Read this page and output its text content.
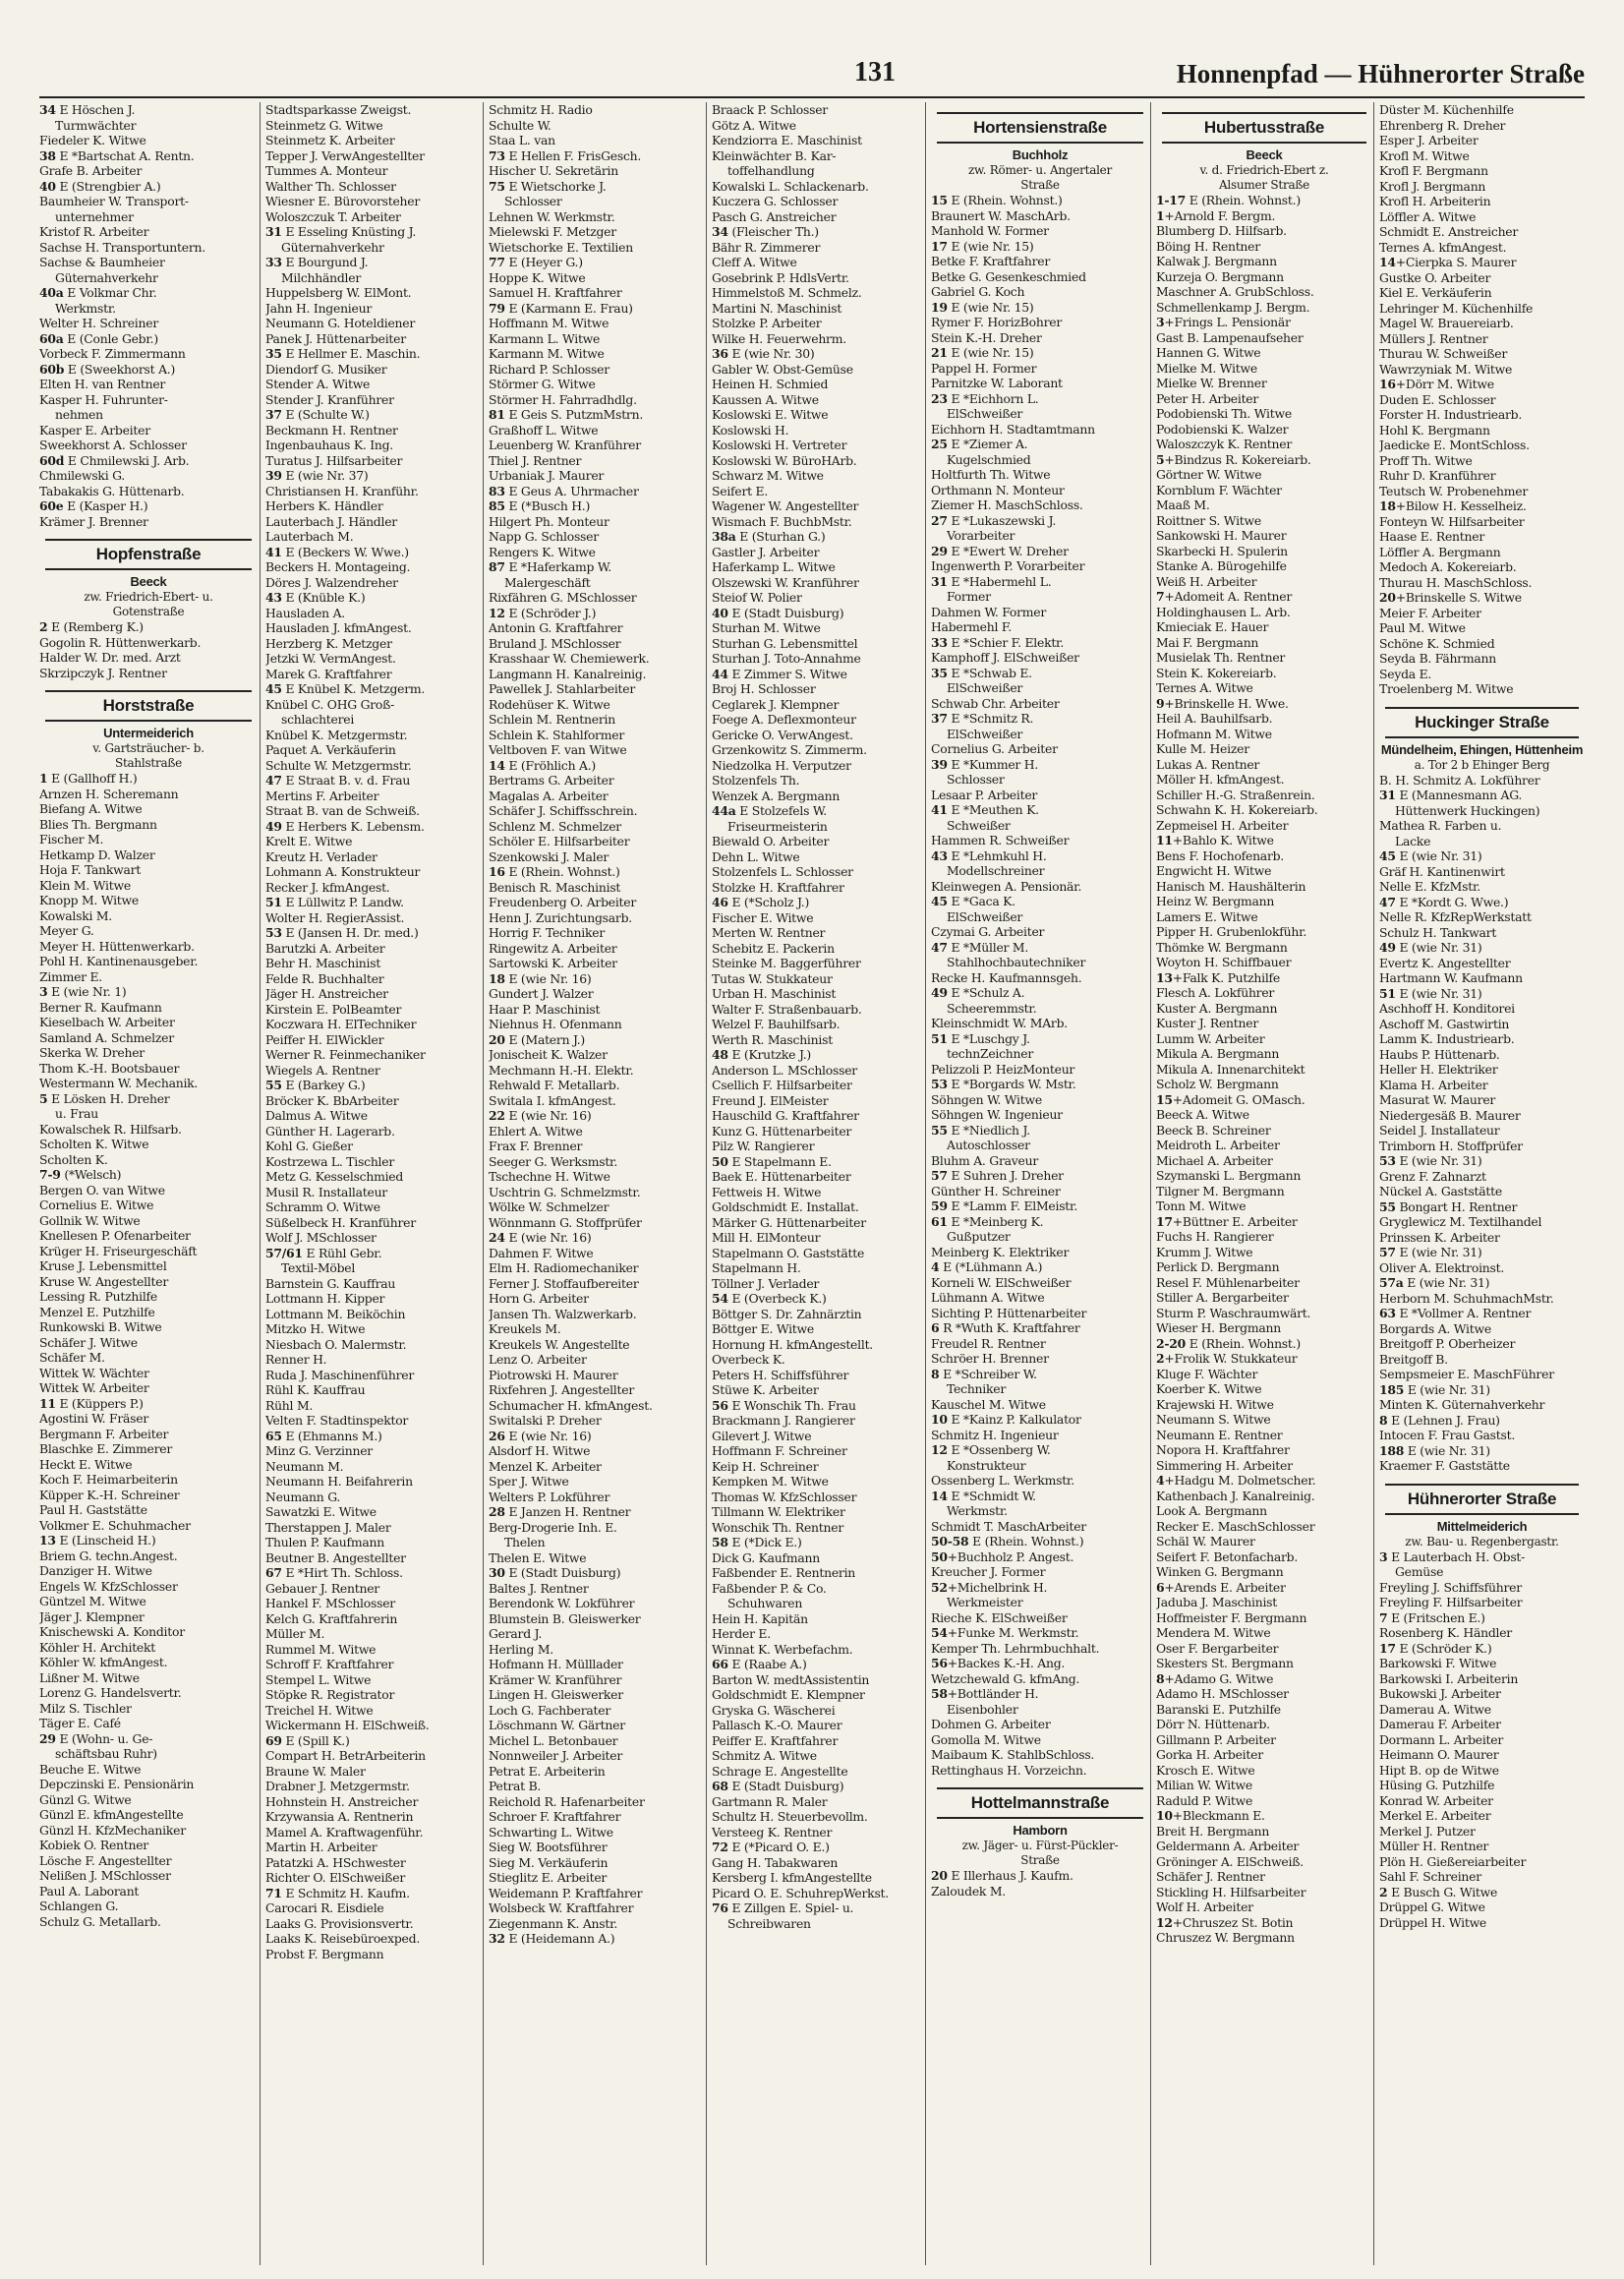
131	Honnenpfad — Hühnerorter Straße
34 E Höschen J.
Turmwächter
Fiedeler K. Witwe
38 E *Bartschat A. Rentn.
Grafe B. Arbeiter
40 E (Strengbier A.)
Baumheier W. Transport-
unternehmer
Kristof R. Arbeiter
Sachse H. Transportuntern.
Sachse & Baumheier
Güternahverkehr
40a E Volkmar Chr.
Werkmstr.
Welter H. Schreiner
60a E (Conle Gebr.)
Vorbeck F. Zimmermann
60b E (Sweekhorst A.)
Elten H. van Rentner
Kasper H. Fuhrunter-
nehmen
Kasper E. Arbeiter
Sweekhorst A. Schlosser
60d E Chmilewski J. Arb.
Chmilewski G.
Tabakakis G. Hüttenarb.
60e E (Kasper H.)
Krämer J. Brenner
Hopfenstraße
Beeck
zw. Friedrich-Ebert- u.
Gotenstraße
2 E (Remberg K.)
Gogolin R. Hüttenwerkarb.
Halder W. Dr. med. Arzt
Skrzipczyk J. Rentner
Horststraße
Untermeiderich
v. Gartsträucher- b.
Stahlstraße
1 E (Gallhoff H.)
Arnzen H. Scheremann
Biefang A. Witwe
Blies Th. Bergmann
Fischer M.
Hetkamp D. Walzer
Hoja F. Tankwart
Klein M. Witwe
Knopp M. Witwe
Kowalski M.
Meyer G.
Meyer H. Hüttenwerkarb.
Pohl H. Kantinenausgeber.
Zimmer E.
3 E (wie Nr. 1)
Berner R. Kaufmann
Kieselbach W. Arbeiter
Samland A. Schmelzer
Skerka W. Dreher
Thom K.-H. Bootsbauer
Westermann W. Mechanik.
5 E Lösken H. Dreher
u. Frau
Kowalschek R. Hilfsarb.
Scholten K. Witwe
Scholten K.
7-9 (*Welsch)
Bergen O. van Witwe
Cornelius E. Witwe
Gollnik W. Witwe
Knellesen P. Ofenarbeiter
Krüger H. Friseurgeschäft
Kruse J. Lebensmittel
Kruse W. Angestellter
Lessing R. Putzhilfe
Menzel E. Putzhilfe
Runkowski B. Witwe
Schäfer J. Witwe
Schäfer M.
Wittek W. Wächter
Wittek W. Arbeiter
11 E (Küppers P.)
Agostini W. Fräser
Bergmann F. Arbeiter
Blaschke E. Zimmerer
Heckt E. Witwe
Koch F. Heimarbeiterin
Küpper K.-H. Schreiner
Paul H. Gaststätte
Volkmer E. Schuhmacher
13 E (Linscheid H.)
Briem G. techn.Angest.
Danziger H. Witwe
Engels W. KfzSchlosser
Güntzel M. Witwe
Jäger J. Klempner
Knischewski A. Konditor
Köhler H. Architekt
Köhler W. kfmAngest.
Lißner M. Witwe
Lorenz G. Handelsvertr.
Milz S. Tischler
Täger E. Café
29 E (Wohn- u. Ge-
schäftsbau Ruhr)
Beuche E. Witwe
Depczinski E. Pensionärin
Günzl G. Witwe
Günzl E. kfmAngestellte
Günzl H. KfzMechaniker
Kobiek O. Rentner
Lösche F. Angestellter
Nelißen J. MSchlosser
Paul A. Laborant
Schlangen G.
Schulz G. Metallarb.
Stadtsparkasse Zweigst.
Steinmetz G. Witwe
Steinmetz K. Arbeiter
Tepper J. VerwAngestellter
Tummes A. Monteur
Walther Th. Schlosser
Wiesner E. Bürovorsteher
Woloszczuk T. Arbeiter
31 E Esseling Knüsting J.
Güternahverkehr
33 E Bourgund J.
Milchhändler
Huppelsberg W. ElMont.
Jahn H. Ingenieur
Neumann G. Hoteldiener
Panek J. Hüttenarbeiter
35 E Hellmer E. Maschin.
Diendorf G. Musiker
Stender A. Witwe
Stender J. Kranführer
37 E (Schulte W.)
Beckmann H. Rentner
Ingenbauhaus K. Ing.
Turatus J. Hilfsarbeiter
39 E (wie Nr. 37)
Christiansen H. Kranführ.
Herbers K. Händler
Lauterbach J. Händler
Lauterbach M.
41 E (Beckers W. Wwe.)
Beckers H. Montageing.
Döres J. Walzendreher
43 E (Knüble K.)
Hausladen A.
Hausladen J. kfmAngest.
Herzberg K. Metzger
Jetzki W. VermAngest.
Marek G. Kraftfahrer
45 E Knübel K. Metzgerm.
Knübel C. OHG Groß-
schlachterei
Knübel K. Metzgermstr.
Paquet A. Verkäuferin
Schulte W. Metzgermstr.
47 E Straat B. v. d. Frau
Mertins F. Arbeiter
Straat B. van de Schweiß.
49 E Herbers K. Lebensm.
Krelt E. Witwe
Kreutz H. Verlader
Lohmann A. Konstrukteur
Recker J. kfmAngest.
51 E Lüllwitz P. Landw.
Wolter H. RegierAssist.
53 E (Jansen H. Dr. med.)
Barutzki A. Arbeiter
Behr H. Maschinist
Felde R. Buchhalter
Jäger H. Anstreicher
Kirstein E. PolBeamter
Koczwara H. ElTechniker
Peiffer H. ElWickler
Werner R. Feinmechaniker
Wiegels A. Rentner
55 E (Barkey G.)
Bröcker K. BbArbeiter
Dalmus A. Witwe
Günther H. Lagerarb.
Kohl G. Gießer
Kostrzewa L. Tischler
Metz G. Kesselschmied
Musil R. Installateur
Schramm O. Witwe
Süßelbeck H. Kranführer
Wolf J. MSchlosser
57/61 E Rühl Gebr.
Textil-Möbel
Barnstein G. Kauffrau
Lottmann H. Kipper
Lottmann M. Beiköchin
Mitzko H. Witwe
Niesbach O. Malermstr.
Renner H.
Ruda J. Maschinenführer
Rühl K. Kauffrau
Rühl M.
Velten F. Stadtinspektor
65 E (Ehmanns M.)
Minz G. Verzinner
Neumann M.
Neumann H. Beifahrerin
Neumann G.
Sawatzki E. Witwe
Therstappen J. Maler
Thulen P. Kaufmann
Beutner B. Angestellter
67 E *Hirt Th. Schloss.
Gebauer J. Rentner
Hankel F. MSchlosser
Kelch G. Kraftfahrerin
Müller M.
Rummel M. Witwe
Schroff F. Kraftfahrer
Stempel L. Witwe
Stöpke R. Registrator
Treichel H. Witwe
Wickermann H. ElSchweiß.
69 E (Spill K.)
Compart H. BetrArbeiterin
Braune W. Maler
Drabner J. Metzgermstr.
Hohnstein H. Anstreicher
Krzywansia A. Rentnerin
Mamel A. Kraftwagenführ.
Martin H. Arbeiter
Patatzki A. HSchwester
Richter O. ElSchweißer
71 E Schmitz H. Kaufm.
Carocari R. Eisdiele
Laaks G. Provisionsvertr.
Laaks K. Reisebüroexped.
Probst F. Bergmann
Schmitz H. Radio
Schulte W.
Staa L. van
73 E Hellen F. FrisGesch.
Hischer U. Sekretärin
75 E Wietschorke J.
Schlosser
Lehnen W. Werkmstr.
Mielewski F. Metzger
Wietschorke E. Textilien
77 E (Heyer G.)
Hoppe K. Witwe
Samuel H. Kraftfahrer
79 E (Karmann E. Frau)
Hoffmann M. Witwe
Karmann L. Witwe
Karmann M. Witwe
Richard P. Schlosser
Störmer G. Witwe
Störmer H. Fahrradhdlg.
81 E Geis S. PutzmMstrn.
Graßhoff L. Witwe
Leuenberg W. Kranführer
Thiel J. Rentner
Urbaniak J. Maurer
83 E Geus A. Uhrmacher
85 E (*Busch H.)
Hilgert Ph. Monteur
Napp G. Schlosser
Rengers K. Witwe
87 E *Haferkamp W.
Malergeschäft
Rixfähren G. MSchlosser
12 E (Schröder J.)
Antonin G. Kraftfahrer
Bruland J. MSchlosser
Krasshaar W. Chemiewerk.
Langmann H. Kanalreinig.
Pawellek J. Stahlarbeiter
Rodehüser K. Witwe
Schlein M. Rentnerin
Schlein K. Stahlformer
Veltboven F. van Witwe
14 E (Fröhlich A.)
Bertrams G. Arbeiter
Magalas A. Arbeiter
Schäfer J. Schiffsschrein.
Schlenz M. Schmelzer
Schöler E. Hilfsarbeiter
Szenkowski J. Maler
16 E (Rhein. Wohnst.)
Benisch R. Maschinist
Freudenberg O. Arbeiter
Henn J. Zurichtungsarb.
Horrig F. Techniker
Ringewitz A. Arbeiter
Sartowski K. Arbeiter
18 E (wie Nr. 16)
Gundert J. Walzer
Haar P. Maschinist
Niehnus H. Ofenmann
20 E (Matern J.)
Jonischeit K. Walzer
Mechmann H.-H. Elektr.
Rehwald F. Metallarb.
Switala I. kfmAngest.
22 E (wie Nr. 16)
Ehlert A. Witwe
Frax F. Brenner
Seeger G. Werksmstr.
Tschechne H. Witwe
Uschtrin G. Schmelzmstr.
Wölke W. Schmelzer
Wönnmann G. Stoffprüfer
24 E (wie Nr. 16)
Dahmen F. Witwe
Elm H. Radiomechaniker
Ferner J. Stoffaufbereiter
Horn G. Arbeiter
Jansen Th. Walzwerkarb.
Kreukels M.
Kreukels W. Angestellte
Lenz O. Arbeiter
Piotrowski H. Maurer
Rixfehren J. Angestellter
Schumacher H. kfmAngest.
Switalski P. Dreher
26 E (wie Nr. 16)
Alsdorf H. Witwe
Menzel K. Arbeiter
Sper J. Witwe
Welters P. Lokführer
28 E Janzen H. Rentner
Berg-Drogerie Inh. E.
Thelen
Thelen E. Witwe
30 E (Stadt Duisburg)
Baltes J. Rentner
Berendonk W. Lokführer
Blumstein B. Gleiswerker
Gerard J.
Herling M.
Hofmann H. Mülllader
Krämer W. Kranführer
Lingen H. Gleiswerker
Loch G. Fachberater
Löschmann W. Gärtner
Michel L. Betonbauer
Nonnweiler J. Arbeiter
Petrat E. Arbeiterin
Petrat B.
Reichold R. Hafenarbeiter
Schroer F. Kraftfahrer
Schwarting L. Witwe
Sieg W. Bootsführer
Sieg M. Verkäuferin
Stieglitz E. Arbeiter
Weidemann P. Kraftfahrer
Wolsbeck W. Kraftfahrer
Ziegenmann K. Anstr.
32 E (Heidemann A.)
Braack P. Schlosser
Götz A. Witwe
Kendziorra E. Maschinist
Kleinwächter B. Kar-
toffelhandlung
Kowalski L. Schlackenarb.
Kuczera G. Schlosser
Pasch G. Anstreicher
34 (Fleischer Th.)
Bähr R. Zimmerer
Cleff A. Witwe
Gosebrink P. HdlsVertr.
Himmelstoß M. Schmelz.
Martini N. Maschinist
Stolzke P. Arbeiter
Wilke H. Feuerwehrm.
36 E (wie Nr. 30)
Gabler W. Obst-Gemüse
Heinen H. Schmied
Kaussen A. Witwe
Koslowski E. Witwe
Koslowski H.
Koslowski H. Vertreter
Koslowski W. BüroHArb.
Schwarz M. Witwe
Seifert E.
Wagener W. Angestellter
Wismach F. BuchbMstr.
38a E (Sturhan G.)
Gastler J. Arbeiter
Haferkamp L. Witwe
Olszewski W. Kranführer
Steiof W. Polier
40 E (Stadt Duisburg)
Sturhan M. Witwe
Sturhan G. Lebensmittel
Sturhan J. Toto-Annahme
44 E Zimmer S. Witwe
Broj H. Schlosser
Ceglarek J. Klempner
Foege A. Deflexmonteur
Gericke O. VerwAngest.
Grzenkowitz S. Zimmerm.
Niedzolka H. Verputzer
Stolzenfels Th.
Wenzek A. Bergmann
44a E Stolzefels W.
Friseurmeisterin
Biewald O. Arbeiter
Dehn L. Witwe
Stolzenfels L. Schlosser
Stolzke H. Kraftfahrer
46 E (*Scholz J.)
Fischer E. Witwe
Merten W. Rentner
Schebitz E. Packerin
Steinke M. Baggerführer
Tutas W. Stukkateur
Urban H. Maschinist
Walter F. Straßenbauarb.
Welzel F. Bauhilfsarb.
Werth R. Maschinist
48 E (Krutzke J.)
Anderson L. MSchlosser
Csellich F. Hilfsarbeiter
Freund J. ElMeister
Hauschild G. Kraftfahrer
Kunz G. Hüttenarbeiter
Pilz W. Rangierer
50 E Stapelmann E.
Baek E. Hüttenarbeiter
Fettweis H. Witwe
Goldschmidt E. Installat.
Märker G. Hüttenarbeiter
Mill H. ElMonteur
Stapelmann O. Gaststätte
Stapelmann H.
Töllner J. Verlader
54 E (Overbeck K.)
Böttger S. Dr. Zahnärztin
Böttger E. Witwe
Hornung H. kfmAngestellt.
Overbeck K.
Peters H. Schiffsführer
Stüwe K. Arbeiter
56 E Wonschik Th. Frau
Brackmann J. Rangierer
Gilevert J. Witwe
Hoffmann F. Schreiner
Keip H. Schreiner
Kempken M. Witwe
Thomas W. KfzSchlosser
Tillmann W. Elektriker
Wonschik Th. Rentner
58 E (*Dick E.)
Dick G. Kaufmann
Faßbender E. Rentnerin
Faßbender P. & Co.
Schuhwaren
Hein H. Kapitän
Herder E.
Winnat K. Werbefachm.
66 E (Raabe A.)
Barton W. medtAssistentin
Goldschmidt E. Klempner
Gryska G. Wäscherei
Pallasch K.-O. Maurer
Peiffer E. Kraftfahrer
Schmitz A. Witwe
Schrage E. Angestellte
68 E (Stadt Duisburg)
Gartmann R. Maler
Schultz H. Steuerbevollm.
Versteeg K. Rentner
72 E (*Picard O. E.)
Gang H. Tabakwaren
Kersberg I. kfmAngestellte
Picard O. E. SchuhrepWerkst.
76 E Zillgen E. Spiel- u.
Schreibwaren
Hortensienstraße
Buchholz
zw. Römer- u. Angertaler
Straße
15 E (Rhein. Wohnst.)
Braunert W. MaschArb.
Manhold W. Former
17 E (wie Nr. 15)
Betke F. Kraftfahrer
Betke G. Gesenkeschmied
Gabriel G. Koch
19 E (wie Nr. 15)
Rymer F. HorizBohrer
Stein K.-H. Dreher
21 E (wie Nr. 15)
Pappel H. Former
Parnitzke W. Laborant
23 E *Eichhorn L.
ElSchweißer
Eichhorn H. Stadtamtmann
25 E *Ziemer A.
Kugelschmied
Holtfurth Th. Witwe
Orthmann N. Monteur
Ziemer H. MaschSchloss.
27 E *Lukaszewski J.
Vorarbeiter
29 E *Ewert W. Dreher
Ingenwerth P. Vorarbeiter
31 E *Habermehl L.
Former
Dahmen W. Former
Habermehl F.
33 E *Schier F. Elektr.
Kamphoff J. ElSchweißer
35 E *Schwab E.
ElSchweißer
Schwab Chr. Arbeiter
37 E *Schmitz R.
ElSchweißer
Cornelius G. Arbeiter
39 E *Kummer H.
Schlosser
Lesaar P. Arbeiter
41 E *Meuthen K.
Schweißer
Hammen R. Schweißer
43 E *Lehmkuhl H.
Modellschreiner
Kleinwegen A. Pensionär.
45 E *Gaca K.
ElSchweißer
Czymai G. Arbeiter
47 E *Müller M.
Stahlhochbautechniker
Recke H. Kaufmannsgeh.
49 E *Schulz A.
Scheeremmstr.
Kleinschmidt W. MArb.
51 E *Luschgy J.
technZeichner
Pelizzoli P. HeizMonteur
53 E *Borgards W. Mstr.
Söhngen W. Witwe
Söhngen W. Ingenieur
55 E *Niedlich J.
Autoschlosser
Bluhm A. Graveur
57 E Suhren J. Dreher
Günther H. Schreiner
59 E *Lamm F. ElMeistr.
61 E *Meinberg K.
Gußputzer
Meinberg K. Elektriker
4 E (*Lühmann A.)
Korneli W. ElSchweißer
Lühmann A. Witwe
Sichting P. Hüttenarbeiter
6 R *Wuth K. Kraftfahrer
Freudel R. Rentner
Schröer H. Brenner
8 E *Schreiber W.
Techniker
Kauschel M. Witwe
10 E *Kainz P. Kalkulator
Schmitz H. Ingenieur
12 E *Ossenberg W.
Konstrukteur
Ossenberg L. Werkmstr.
14 E *Schmidt W.
Werkmstr.
Schmidt T. MaschArbeiter
50-58 E (Rhein. Wohnst.)
50+Buchholz P. Angest.
Kreucher J. Former
52+Michelbrink H.
Werkmeister
Rieche K. ElSchweißer
54+Funke M. Werkmstr.
Kemper Th. Lehrmbuchhalt.
56+Backes K.-H. Ang.
Wetzchewald G. kfmAng.
58+Bottländer H.
Eisenbohler
Dohmen G. Arbeiter
Gomolla M. Witwe
Maibaum K. StahlbSchloss.
Rettinghaus H. Vorzeichn.
Hottelmannstraße
Hamborn
zw. Jäger- u. Fürst-Pückler-
Straße
20 E Illerhaus J. Kaufm.
Zaloudek M.
Hubertusstraße
Beeck
v. d. Friedrich-Ebert z.
Alsumer Straße
1-17 E (Rhein. Wohnst.)
1+Arnold F. Bergm.
Blumberg D. Hilfsarb.
Böing H. Rentner
Kalwak J. Bergmann
Kurzeja O. Bergmann
Maschner A. GrubSchloss.
Schmellenkamp J. Bergm.
3+Frings L. Pensionär
Gast B. Lampenaufseher
Hannen G. Witwe
Mielke M. Witwe
Mielke W. Brenner
Peter H. Arbeiter
Podobienski Th. Witwe
Podobienski K. Walzer
Waloszczyk K. Rentner
5+Bindzus R. Kokereiarb.
Görtner W. Witwe
Kornblum F. Wächter
Maaß M.
Roittner S. Witwe
Sankowski H. Maurer
Skarbecki H. Spulerin
Stanke A. Bürogehilfe
Weiß H. Arbeiter
7+Adomeit A. Rentner
Holdinghausen L. Arb.
Kmieciak E. Hauer
Mai F. Bergmann
Musielak Th. Rentner
Stein K. Kokereiarb.
Ternes A. Witwe
9+Brinskelle H. Wwe.
Heil A. Bauhilfsarb.
Hofmann M. Witwe
Kulle M. Heizer
Lukas A. Rentner
Möller H. kfmAngest.
Schiller H.-G. Straßenrein.
Schwahn K. H. Kokereiarb.
Zepmeisel H. Arbeiter
11+Bahlo K. Witwe
Bens F. Hochofenarb.
Engwicht H. Witwe
Hanisch M. Haushälterin
Heinz W. Bergmann
Lamers E. Witwe
Pipper H. Grubenlokführ.
Thömke W. Bergmann
Woyton H. Schiffbauer
13+Falk K. Putzhilfe
Flesch A. Lokführer
Kuster A. Bergmann
Kuster J. Rentner
Lumm W. Arbeiter
Mikula A. Bergmann
Mikula A. Innenarchitekt
Scholz W. Bergmann
15+Adomeit G. OMasch.
Beeck A. Witwe
Beeck B. Schreiner
Meidroth L. Arbeiter
Michael A. Arbeiter
Szymanski L. Bergmann
Tilgner M. Bergmann
Tonn M. Witwe
17+Büttner E. Arbeiter
Fuchs H. Rangierer
Krumm J. Witwe
Perlick D. Bergmann
Resel F. Mühlenarbeiter
Stiller A. Bergarbeiter
Sturm P. Waschraumwärt.
Wieser H. Bergmann
2-20 E (Rhein. Wohnst.)
2+Frolik W. Stukkateur
Kluge F. Wächter
Koerber K. Witwe
Krajewski H. Witwe
Neumann S. Witwe
Neumann E. Rentner
Nopora H. Kraftfahrer
Simmering H. Arbeiter
4+Hadgu M. Dolmetscher.
Kathenbach J. Kanalreinig.
Look A. Bergmann
Recker E. MaschSchlosser
Schäl W. Maurer
Seifert F. Betonfacharb.
Winken G. Bergmann
6+Arends E. Arbeiter
Jaduba J. Maschinist
Hoffmeister F. Bergmann
Mendera M. Witwe
Oser F. Bergarbeiter
Skesters St. Bergmann
8+Adamo G. Witwe
Adamo H. MSchlosser
Baranski E. Putzhilfe
Dörr N. Hüttenarb.
Gillmann P. Arbeiter
Gorka H. Arbeiter
Krosch E. Witwe
Milian W. Witwe
Raduld P. Witwe
10+Bleckmann E.
Breit H. Bergmann
Geldermann A. Arbeiter
Gröninger A. ElSchweiß.
Schäfer J. Rentner
Stickling H. Hilfsarbeiter
Wolf H. Arbeiter
12+Chruszez St. Botin
Chruszez W. Bergmann
Düster M. Küchenhilfe
Ehrenberg R. Dreher
Esper J. Arbeiter
Krofl M. Witwe
Krofl F. Bergmann
Krofl J. Bergmann
Krofl H. Arbeiterin
Löffler A. Witwe
Schmidt E. Anstreicher
Ternes A. kfmAngest.
14+Cierpka S. Maurer
Gustke O. Arbeiter
Kiel E. Verkäuferin
Lehringer M. Küchenhilfe
Magel W. Brauereiarb.
Müllers J. Rentner
Thurau W. Schweißer
Wawrzyniak M. Witwe
16+Dörr M. Witwe
Duden E. Schlosser
Forster H. Industriearb.
Hohl K. Bergmann
Jaedicke E. MontSchloss.
Proff Th. Witwe
Ruhr D. Kranführer
Teutsch W. Probenehmer
18+Bilow H. Kesselheiz.
Fonteyn W. Hilfsarbeiter
Haase E. Rentner
Löffler A. Bergmann
Medoch A. Kokereiarb.
Thurau H. MaschSchloss.
20+Brinskelle S. Witwe
Meier F. Arbeiter
Paul M. Witwe
Schöne K. Schmied
Seyda B. Fährmann
Seyda E.
Troelenberg M. Witwe
Huckinger Straße
Mündelheim, Ehingen, Hüttenheim
a. Tor 2 b Ehinger Berg
B. H. Schmitz A. Lokführer
31 E (Mannesmann AG.
Hüttenwerk Huckingen)
Mathea R. Farben u.
Lacke
45 E (wie Nr. 31)
Gräf H. Kantinenwirt
Nelle E. KfzMstr.
47 E *Kordt G. Wwe.)
Nelle R. KfzRepWerkstatt
Schulz H. Tankwart
49 E (wie Nr. 31)
Evertz K. Angestellter
Hartmann W. Kaufmann
51 E (wie Nr. 31)
Aschhoff H. Konditorei
Aschoff M. Gastwirtin
Lamm K. Industriearb.
Haubs P. Hüttenarb.
Heller H. Elektriker
Klama H. Arbeiter
Masurat W. Maurer
Niedergesäß B. Maurer
Seidel J. Installateur
Trimborn H. Stoffprüfer
53 E (wie Nr. 31)
Grenz F. Zahnarzt
Nückel A. Gaststätte
55 Bongart H. Rentner
Gryglewicz M. Textilhandel
Prinssen K. Arbeiter
57 E (wie Nr. 31)
Oliver A. Elektroinst.
57a E (wie Nr. 31)
Herborn M. SchuhmachMstr.
63 E *Vollmer A. Rentner
Borgards A. Witwe
Breitgoff P. Oberheizer
Breitgoff B.
Sempsmeier E. MaschFührer
185 E (wie Nr. 31)
Minten K. Güternahverkehr
8 E (Lehnen J. Frau)
Intocen F. Frau Gastst.
188 E (wie Nr. 31)
Kraemer F. Gaststätte
Hühnerorter Straße
Mittelmeiderich
zw. Bau- u. Regenbergastr.
3 E Lauterbach H. Obst-
Gemüse
Freyling J. Schiffsführer
Freyling F. Hilfsarbeiter
7 E (Fritschen E.)
Rosenberg K. Händler
17 E (Schröder K.)
Barkowski F. Witwe
Barkowski I. Arbeiterin
Bukowski J. Arbeiter
Damerau A. Witwe
Damerau F. Arbeiter
Dormann L. Arbeiter
Heimann O. Maurer
Hipt B. op de Witwe
Hüsing G. Putzhilfe
Konrad W. Arbeiter
Merkel E. Arbeiter
Merkel J. Putzer
Müller H. Rentner
Plön H. Gießereiarbeiter
Sahl F. Schreiner
2 E Busch G. Witwe
Drüppel G. Witwe
Drüppel H. Witwe
